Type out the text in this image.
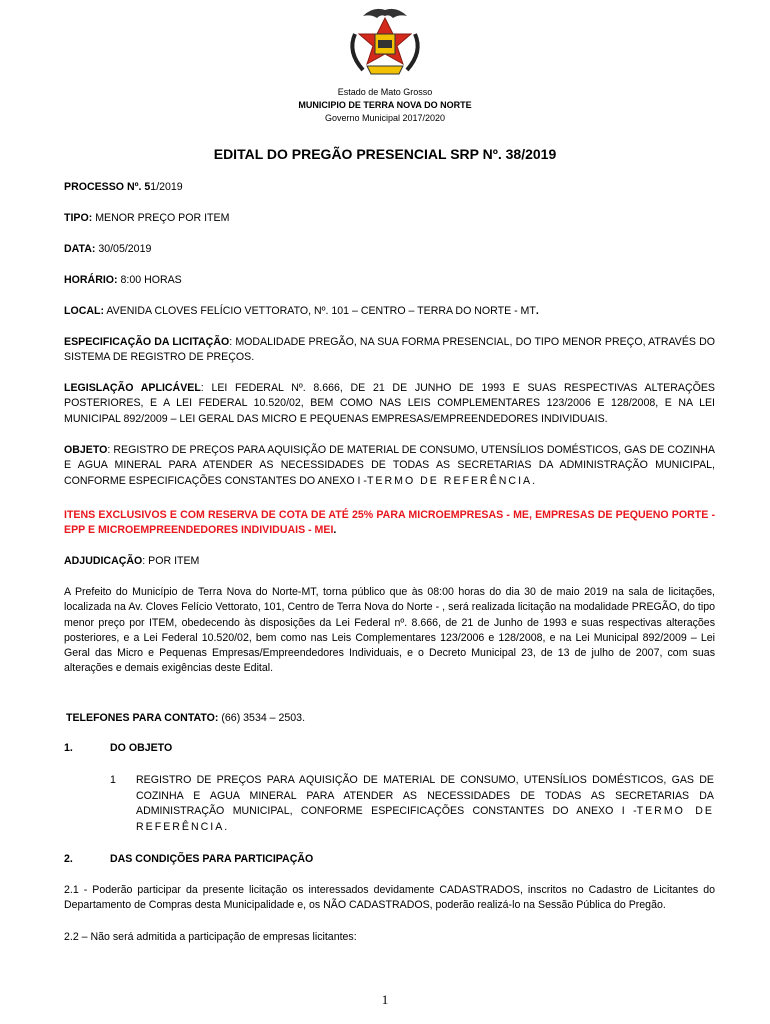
Estado de Mato Grosso
MUNICIPIO DE TERRA NOVA DO NORTE
Governo Municipal 2017/2020
EDITAL DO PREGÃO PRESENCIAL SRP Nº. 38/2019

PROCESSO Nº. 51/2019

TIPO: MENOR PREÇO POR ITEM

DATA: 30/05/2019

HORÁRIO: 8:00 HORAS

LOCAL: AVENIDA CLOVES FELÍCIO VETTORATO, Nº. 101 – CENTRO – TERRA DO NORTE - MT.

ESPECIFICAÇÃO DA LICITAÇÃO: MODALIDADE PREGÃO, NA SUA FORMA PRESENCIAL, DO TIPO MENOR PREÇO, ATRAVÉS DO SISTEMA DE REGISTRO DE PREÇOS.

LEGISLAÇÃO APLICÁVEL: LEI FEDERAL Nº. 8.666, DE 21 DE JUNHO DE 1993 E SUAS RESPECTIVAS ALTERAÇÕES POSTERIORES, E A LEI FEDERAL 10.520/02, BEM COMO NAS LEIS COMPLEMENTARES 123/2006 E 128/2008, E NA LEI MUNICIPAL 892/2009 – LEI GERAL DAS MICRO E PEQUENAS EMPRESAS/EMPREENDEDORES INDIVIDUAIS.

OBJETO: REGISTRO DE PREÇOS PARA AQUISIÇÃO DE MATERIAL DE CONSUMO, UTENSÍLIOS DOMÉSTICOS, GAS DE COZINHA E AGUA MINERAL PARA ATENDER AS NECESSIDADES DE TODAS AS SECRETARIAS DA ADMINISTRAÇÃO MUNICIPAL, CONFORME ESPECIFICAÇÕES CONSTANTES DO ANEXO I -TERMO DE REFERÊNCIA.

ITENS EXCLUSIVOS E COM RESERVA DE COTA DE ATÉ 25% PARA MICROEMPRESAS - ME, EMPRESAS DE PEQUENO PORTE - EPP E MICROEMPREENDEDORES INDIVIDUAIS - MEI.

ADJUDICAÇÃO: POR ITEM

A Prefeito do Município de Terra Nova do Norte-MT, torna público que às 08:00 horas do dia 30 de maio 2019 na sala de licitações, localizada na Av. Cloves Felício Vettorato, 101, Centro de Terra Nova do Norte - , será realizada licitação na modalidade PREGÃO, do tipo menor preço por ITEM, obedecendo às disposições da Lei Federal nº. 8.666, de 21 de Junho de 1993 e suas respectivas alterações posteriores, e a Lei Federal 10.520/02, bem como nas Leis Complementares 123/2006 e 128/2008, e na Lei Municipal 892/2009 – Lei Geral das Micro e Pequenas Empresas/Empreendedores Individuais, e o Decreto Municipal 23, de 13 de julho de 2007, com suas alterações e demais exigências deste Edital.

TELEFONES PARA CONTATO: (66) 3534 – 2503.

1.	DO OBJETO
1 REGISTRO DE PREÇOS PARA AQUISIÇÃO DE MATERIAL DE CONSUMO, UTENSÍLIOS DOMÉSTICOS, GAS DE COZINHA E AGUA MINERAL PARA ATENDER AS NECESSIDADES DE TODAS AS SECRETARIAS DA ADMINISTRAÇÃO MUNICIPAL, CONFORME ESPECIFICAÇÕES CONSTANTES DO ANEXO I -TERMO DE REFERÊNCIA.

2.	DAS CONDIÇÕES PARA PARTICIPAÇÃO

2.1 - Poderão participar da presente licitação os interessados devidamente CADASTRADOS, inscritos no Cadastro de Licitantes do Departamento de Compras desta Municipalidade e, os NÃO CADASTRADOS, poderão realizá-lo na Sessão Pública do Pregão.

2.2 – Não será admitida a participação de empresas licitantes:

1
